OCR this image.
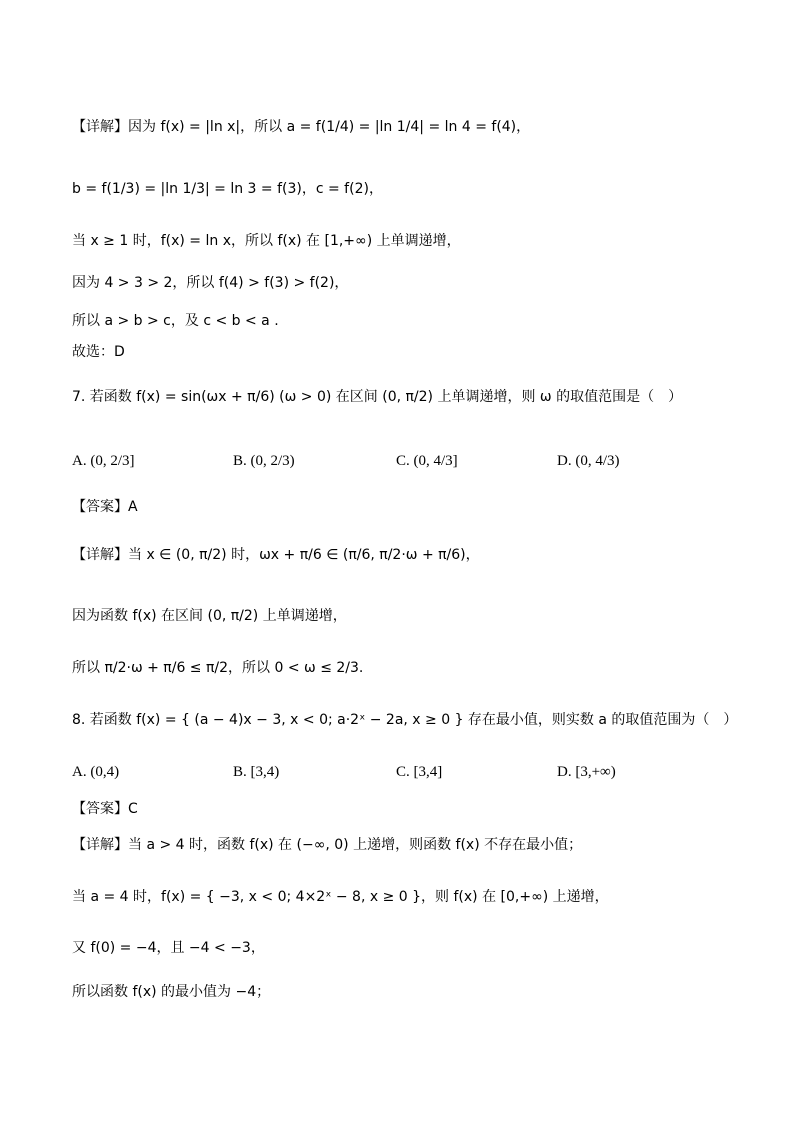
【详解】因为 f(x) = |ln x|，所以 a = f(1/4) = |ln 1/4| = ln 4 = f(4)，
b = f(1/3) = |ln 1/3| = ln 3 = f(3)，c = f(2)，
当 x ≥ 1 时，f(x) = ln x，所以 f(x) 在 [1,+∞) 上单调递增，
因为 4 > 3 > 2，所以 f(4) > f(3) > f(2)，
所以 a > b > c，及 c < b < a .
故选：D
7. 若函数 f(x) = sin(ωx + π/6) (ω > 0) 在区间 (0, π/2) 上单调递增，则 ω 的取值范围是（　）
A. (0, 2/3]	B. (0, 2/3)	C. (0, 4/3]	D. (0, 4/3)
【答案】A
【详解】当 x ∈ (0, π/2) 时，ωx + π/6 ∈ (π/6, π/2·ω + π/6)，
因为函数 f(x) 在区间 (0, π/2) 上单调递增，
所以 π/2·ω + π/6 ≤ π/2，所以 0 < ω ≤ 2/3.
8. 若函数 f(x) = { (a − 4)x − 3, x < 0; a·2ˣ − 2a, x ≥ 0 } 存在最小值，则实数 a 的取值范围为（　）
A. (0,4)	B. [3,4)	C. [3,4]	D. [3,+∞)
【答案】C
【详解】当 a > 4 时，函数 f(x) 在 (−∞, 0) 上递增，则函数 f(x) 不存在最小值；
当 a = 4 时，f(x) = { −3, x < 0; 4×2ˣ − 8, x ≥ 0 }，则 f(x) 在 [0,+∞) 上递增，
又 f(0) = −4，且 −4 < −3，
所以函数 f(x) 的最小值为 −4；
